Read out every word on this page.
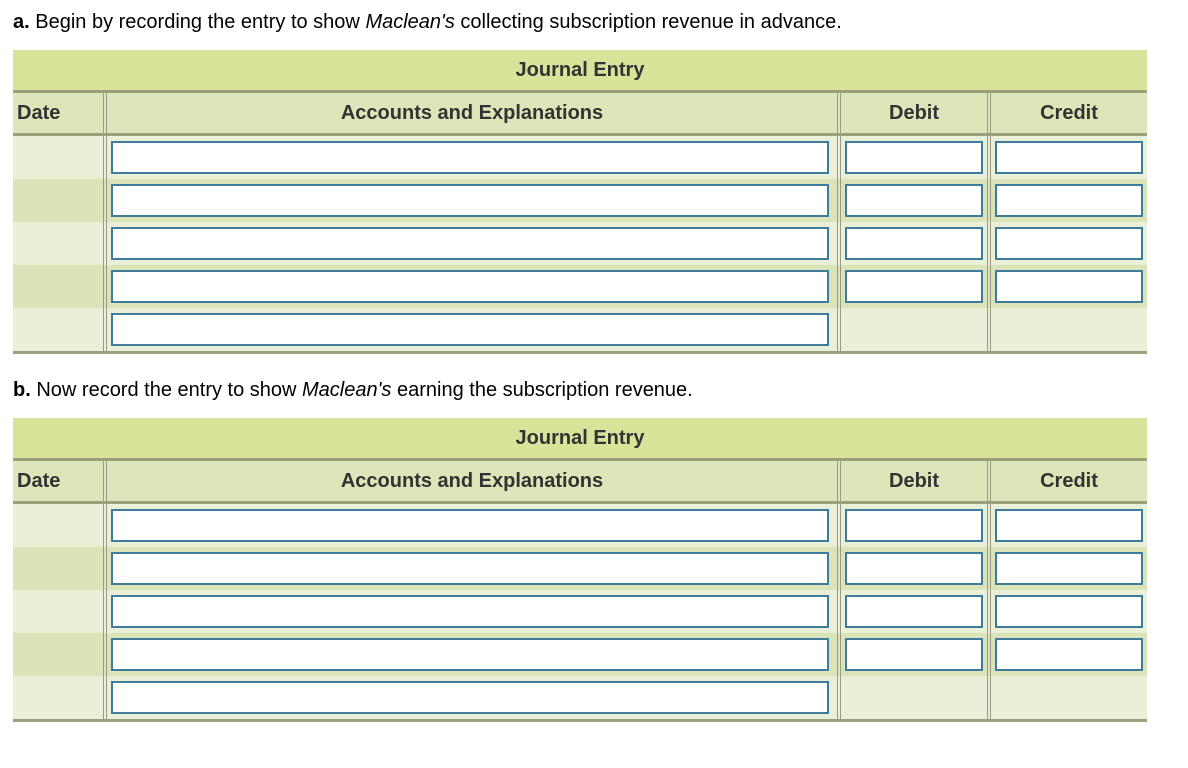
a. Begin by recording the entry to show Maclean's collecting subscription revenue in advance.
Journal Entry
Date	Accounts and Explanations	Debit	Credit
b. Now record the entry to show Maclean's earning the subscription revenue.
Journal Entry
Date	Accounts and Explanations	Debit	Credit
